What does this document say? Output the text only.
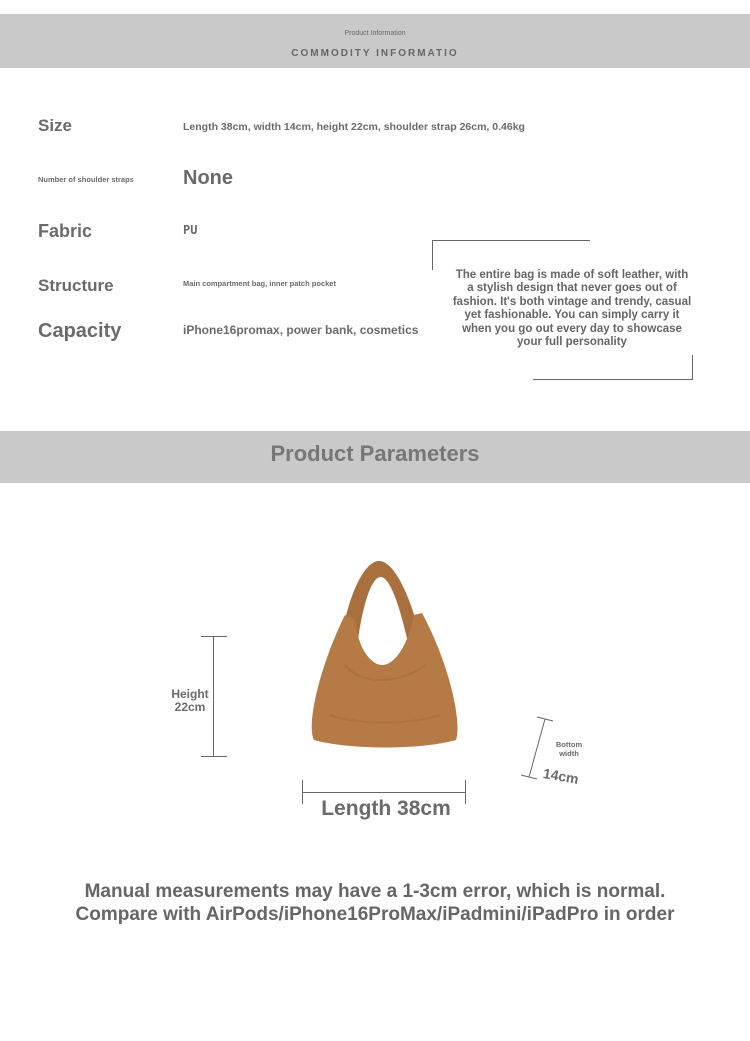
Product Information
COMMODITY INFORMATIO
Size	Length 38cm, width 14cm, height 22cm, shoulder strap 26cm, 0.46kg
Number of shoulder straps None
Fabric	PU
Structure	Main compartment bag, inner patch pocket
Capacity	iPhone16promax, power bank, cosmetics
The entire bag is made of soft leather, with a stylish design that never goes out of fashion. It's both vintage and trendy, casual yet fashionable. You can simply carry it when you go out every day to showcase your full personality
Product Parameters
Height
22cm
Length 38cm
Bottom
width
14cm
Manual measurements may have a 1-3cm error, which is normal.
Compare with AirPods/iPhone16ProMax/iPadmini/iPadPro in order
